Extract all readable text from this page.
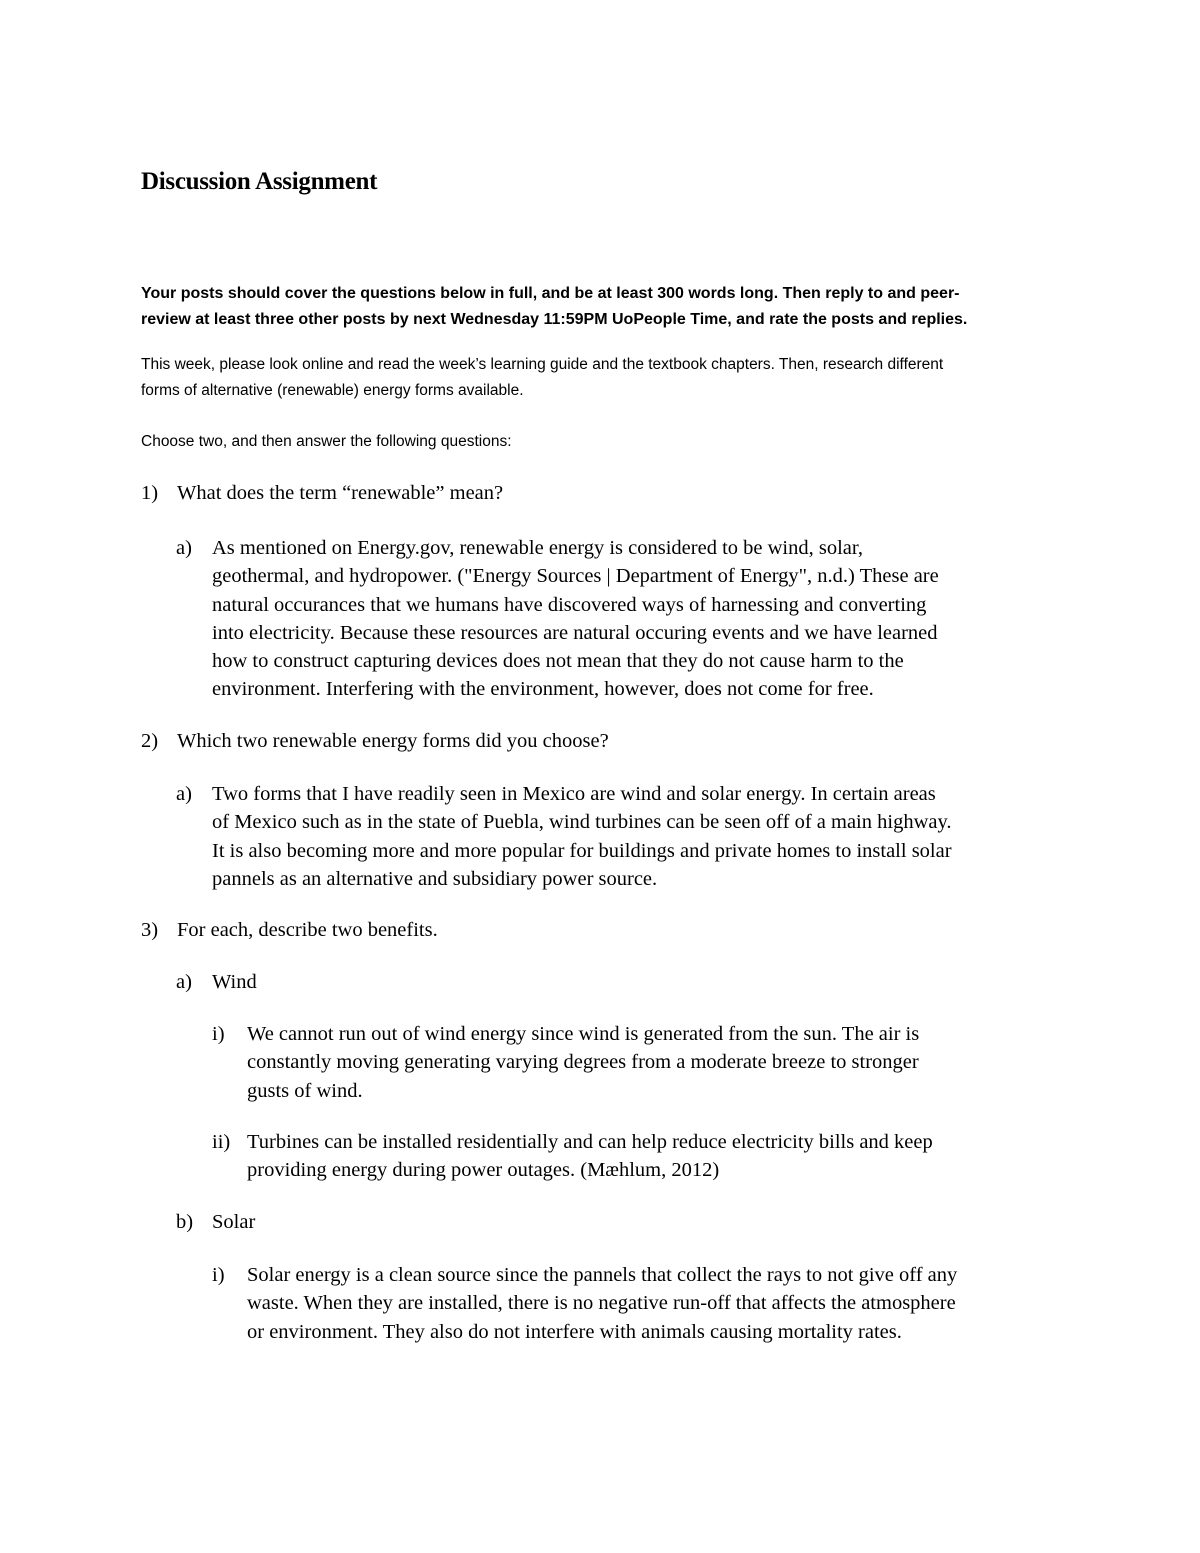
Discussion Assignment
Your posts should cover the questions below in full, and be at least 300 words long. Then reply to and peer-
review at least three other posts by next Wednesday 11:59PM UoPeople Time, and rate the posts and replies.
This week, please look online and read the week’s learning guide and the textbook chapters. Then, research different
forms of alternative (renewable) energy forms available.
Choose two, and then answer the following questions:
1) What does the term “renewable” mean?
a) As mentioned on Energy.gov, renewable energy is considered to be wind, solar,
geothermal, and hydropower. ("Energy Sources | Department of Energy", n.d.) These are
natural occurances that we humans have discovered ways of harnessing and converting
into electricity. Because these resources are natural occuring events and we have learned
how to construct capturing devices does not mean that they do not cause harm to the
environment. Interfering with the environment, however, does not come for free.
2) Which two renewable energy forms did you choose?
a) Two forms that I have readily seen in Mexico are wind and solar energy. In certain areas
of Mexico such as in the state of Puebla, wind turbines can be seen off of a main highway.
It is also becoming more and more popular for buildings and private homes to install solar
pannels as an alternative and subsidiary power source.
3) For each, describe two benefits.
a) Wind
i) We cannot run out of wind energy since wind is generated from the sun. The air is
constantly moving generating varying degrees from a moderate breeze to stronger
gusts of wind.
ii) Turbines can be installed residentially and can help reduce electricity bills and keep
providing energy during power outages. (Mæhlum, 2012)
b) Solar
i) Solar energy is a clean source since the pannels that collect the rays to not give off any
waste. When they are installed, there is no negative run-off that affects the atmosphere
or environment. They also do not interfere with animals causing mortality rates.
